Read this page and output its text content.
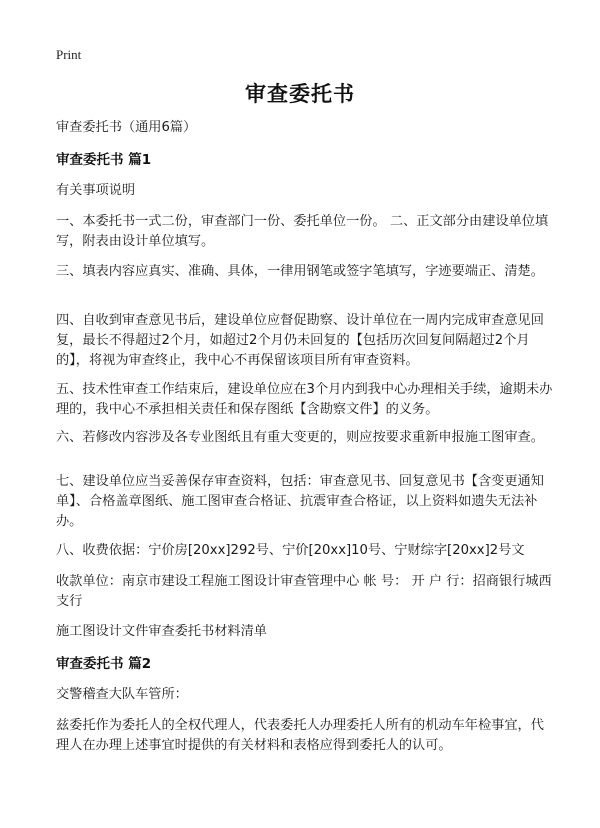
Print
审查委托书
审查委托书（通用6篇）
审查委托书 篇1
有关事项说明
一、本委托书一式二份，审查部门一份、委托单位一份。 二、正文部分由建设单位填写，附表由设计单位填写。
三、填表内容应真实、准确、具体，一律用钢笔或签字笔填写，字迹要端正、清楚。
四、自收到审查意见书后，建设单位应督促勘察、设计单位在一周内完成审查意见回复，最长不得超过2个月，如超过2个月仍未回复的【包括历次回复间隔超过2个月的】，将视为审查终止，我中心不再保留该项目所有审查资料。
五、技术性审查工作结束后，建设单位应在3个月内到我中心办理相关手续，逾期未办理的，我中心不承担相关责任和保存图纸【含勘察文件】的义务。
六、若修改内容涉及各专业图纸且有重大变更的，则应按要求重新申报施工图审查。
七、建设单位应当妥善保存审查资料，包括：审查意见书、回复意见书【含变更通知单】、合格盖章图纸、施工图审查合格证、抗震审查合格证，以上资料如遗失无法补办。
八、收费依据：宁价房[20xx]292号、宁价[20xx]10号、宁财综字[20xx]2号文
收款单位：南京市建设工程施工图设计审查管理中心 帐 号： 开 户 行：招商银行城西支行
施工图设计文件审查委托书材料清单
审查委托书 篇2
交警稽查大队车管所：
兹委托作为委托人的全权代理人，代表委托人办理委托人所有的机动车年检事宜，代理人在办理上述事宜时提供的有关材料和表格应得到委托人的认可。
